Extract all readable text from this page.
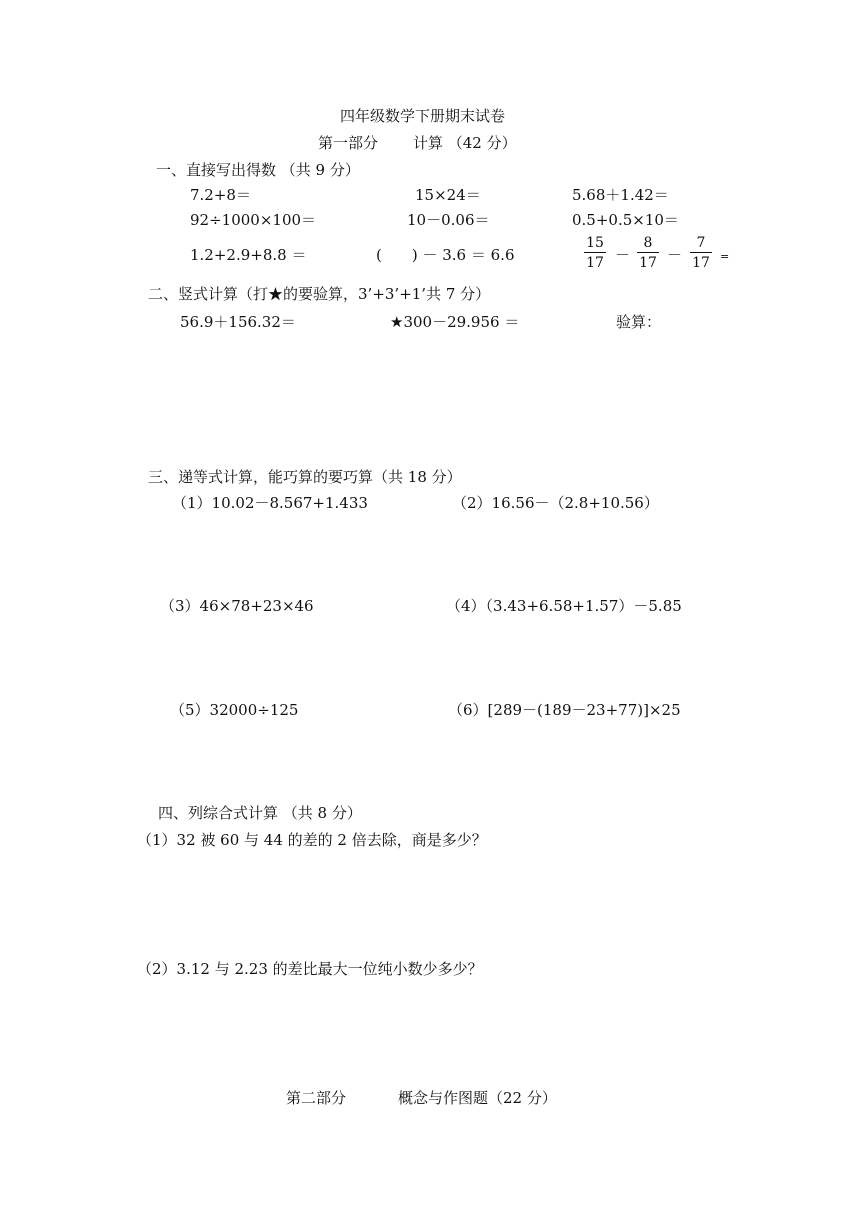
四年级数学下册期末试卷
第一部分 计算 （42 分）
一、直接写出得数 （共 9 分）
7.2+8＝	15×24＝	5.68＋1.42＝
92÷1000×100＝	10－0.06＝	0.5+0.5×10＝
1.2+2.9+8.8 ＝	(　　) － 3.6 ＝ 6.6	$\frac{15}{17} - \frac{8}{17} - \frac{7}{17}$ =
二、竖式计算（打★的要验算，3’+3’+1’共 7 分）
56.9＋156.32＝	★300－29.956 ＝	验算：
三、递等式计算，能巧算的要巧算（共 18 分）
（1）10.02－8.567+1.433	（2）16.56－（2.8+10.56）
（3）46×78+23×46	（4）（3.43+6.58+1.57）－5.85
（5）32000÷125	（6）[289－(189－23+77)]×25
四、列综合式计算 （共 8 分）
（1）32 被 60 与 44 的差的 2 倍去除，商是多少？
（2）3.12 与 2.23 的差比最大一位纯小数少多少？
第二部分	概念与作图题（22 分）
